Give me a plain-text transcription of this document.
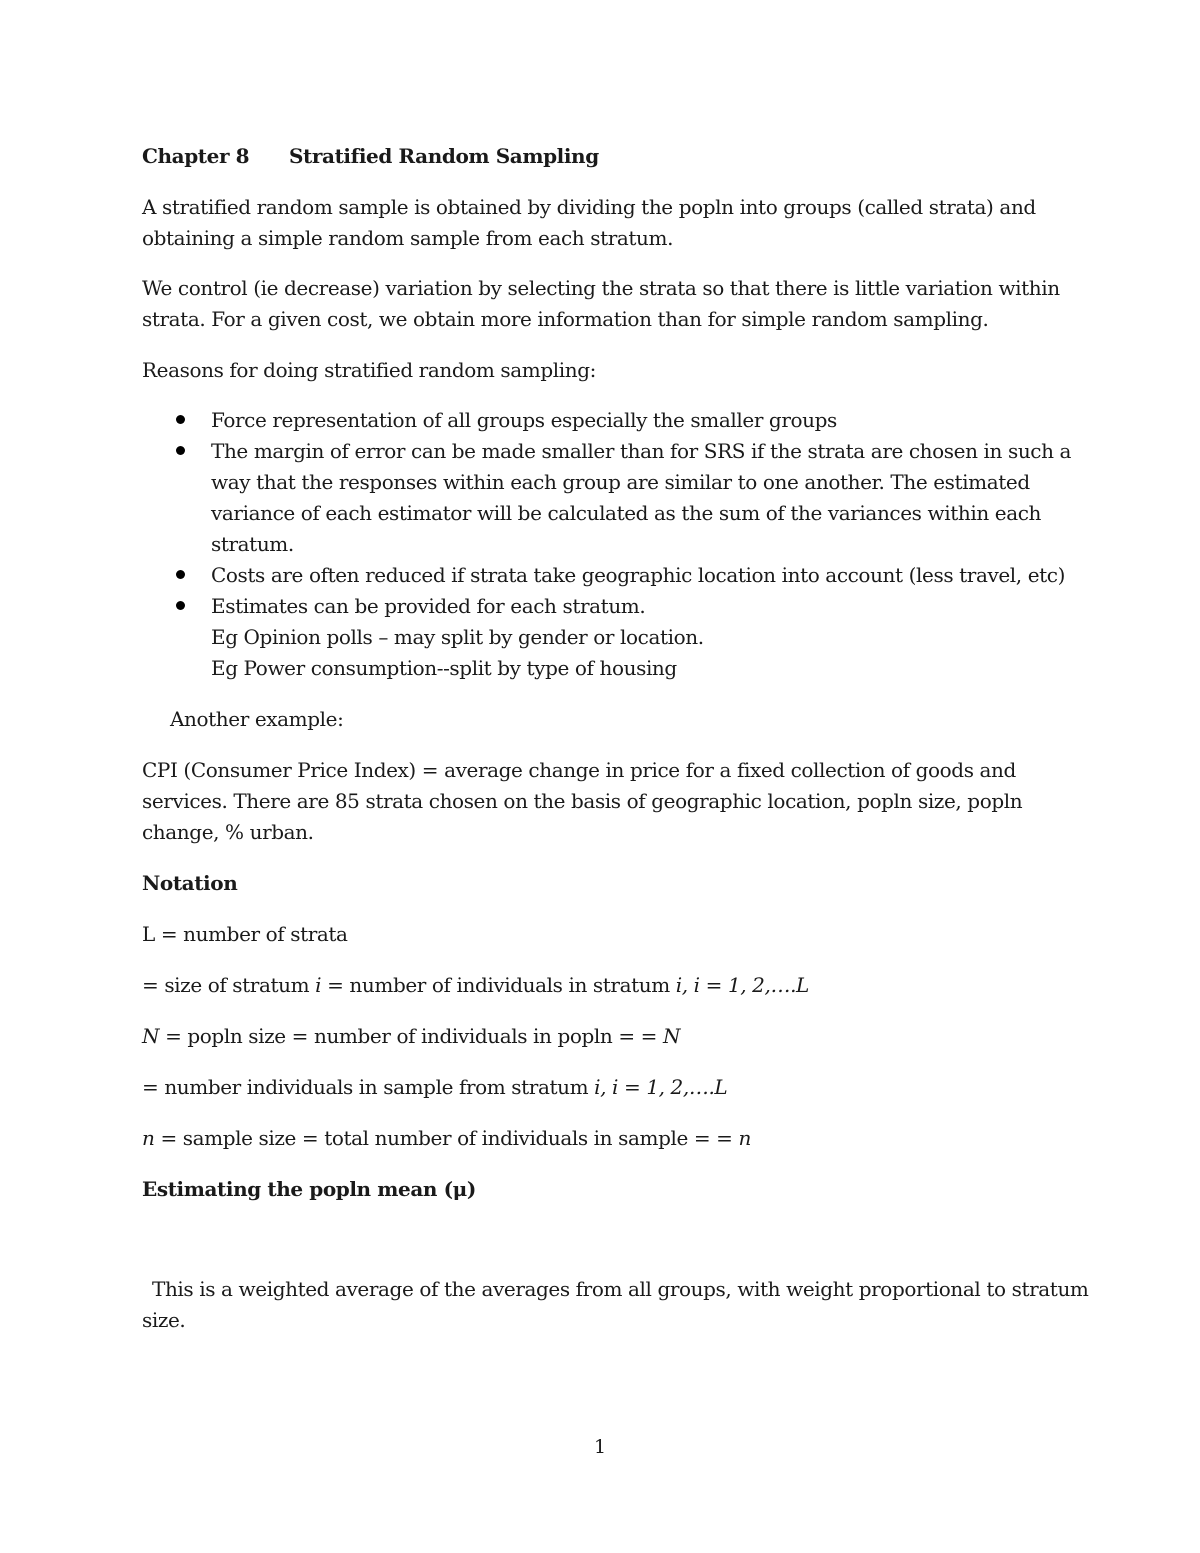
Chapter 8 Stratified Random Sampling
A stratified random sample is obtained by dividing the popln into groups (called strata) and
obtaining a simple random sample from each stratum.
We control (ie decrease) variation by selecting the strata so that there is little variation within
strata. For a given cost, we obtain more information than for simple random sampling.
Reasons for doing stratified random sampling:
Force representation of all groups especially the smaller groups
The margin of error can be made smaller than for SRS if the strata are chosen in such a
way that the responses within each group are similar to one another. The estimated
variance of each estimator will be calculated as the sum of the variances within each
stratum.
Costs are often reduced if strata take geographic location into account (less travel, etc)
Estimates can be provided for each stratum.
Eg Opinion polls – may split by gender or location.
Eg Power consumption--split by type of housing
Another example:
CPI (Consumer Price Index) = average change in price for a fixed collection of goods and
services. There are 85 strata chosen on the basis of geographic location, popln size, popln
change, % urban.
Notation
L = number of strata
= size of stratum i = number of individuals in stratum i, i = 1, 2,….L
N = popln size = number of individuals in popln = = N
= number individuals in sample from stratum i, i = 1, 2,….L
n = sample size = total number of individuals in sample = = n
Estimating the popln mean (μ)
This is a weighted average of the averages from all groups, with weight proportional to stratum
size.
1
